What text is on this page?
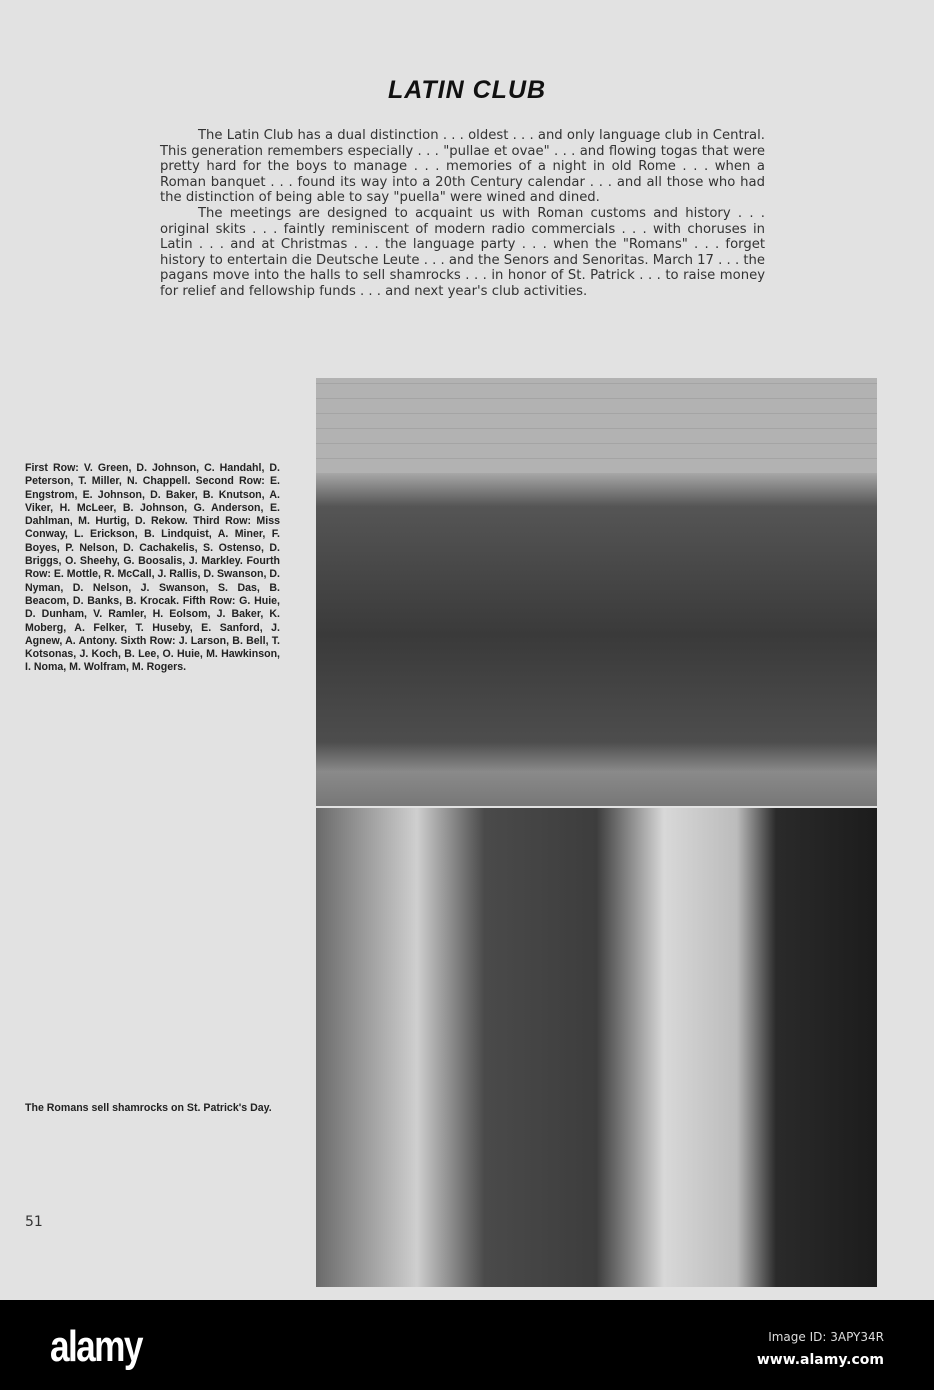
LATIN CLUB

The Latin Club has a dual distinction . . . oldest . . . and only language club in Central. This generation remembers especially . . . "pullae et ovae" . . . and flowing togas that were pretty hard for the boys to manage . . . memories of a night in old Rome . . . when a Roman banquet . . . found its way into a 20th Century calendar . . . and all those who had the distinction of being able to say "puella" were wined and dined.

The meetings are designed to acquaint us with Roman customs and history . . . original skits . . . faintly reminiscent of modern radio commercials . . . with choruses in Latin . . . and at Christmas . . . the language party . . . when the "Romans" . . . forget history to entertain die Deutsche Leute . . . and the Senors and Senoritas. March 17 . . . the pagans move into the halls to sell shamrocks . . . in honor of St. Patrick . . . to raise money for relief and fellowship funds . . . and next year's club activities.

First Row: V. Green, D. Johnson, C. Handahl, D. Peterson, T. Miller, N. Chappell. Second Row: E. Engstrom, E. Johnson, D. Baker, B. Knutson, A. Viker, H. McLeer, B. Johnson, G. Anderson, E. Dahlman, M. Hurtig, D. Rekow. Third Row: Miss Conway, L. Erickson, B. Lindquist, A. Miner, F. Boyes, P. Nelson, D. Cachakelis, S. Ostenso, D. Briggs, O. Sheehy, G. Boosalis, J. Markley. Fourth Row: E. Mottle, R. McCall, J. Rallis, D. Swanson, D. Nyman, D. Nelson, J. Swanson, S. Das, B. Beacom, D. Banks, B. Krocak. Fifth Row: G. Huie, D. Dunham, V. Ramler, H. Eolsom, J. Baker, K. Moberg, A. Felker, T. Huseby, E. Sanford, J. Agnew, A. Antony. Sixth Row: J. Larson, B. Bell, T. Kotsonas, J. Koch, B. Lee, O. Huie, M. Hawkinson, I. Noma, M. Wolfram, M. Rogers.
The Romans sell shamrocks on St. Patrick's Day.
51
alamy	Image ID: 3APY34R
www.alamy.com
